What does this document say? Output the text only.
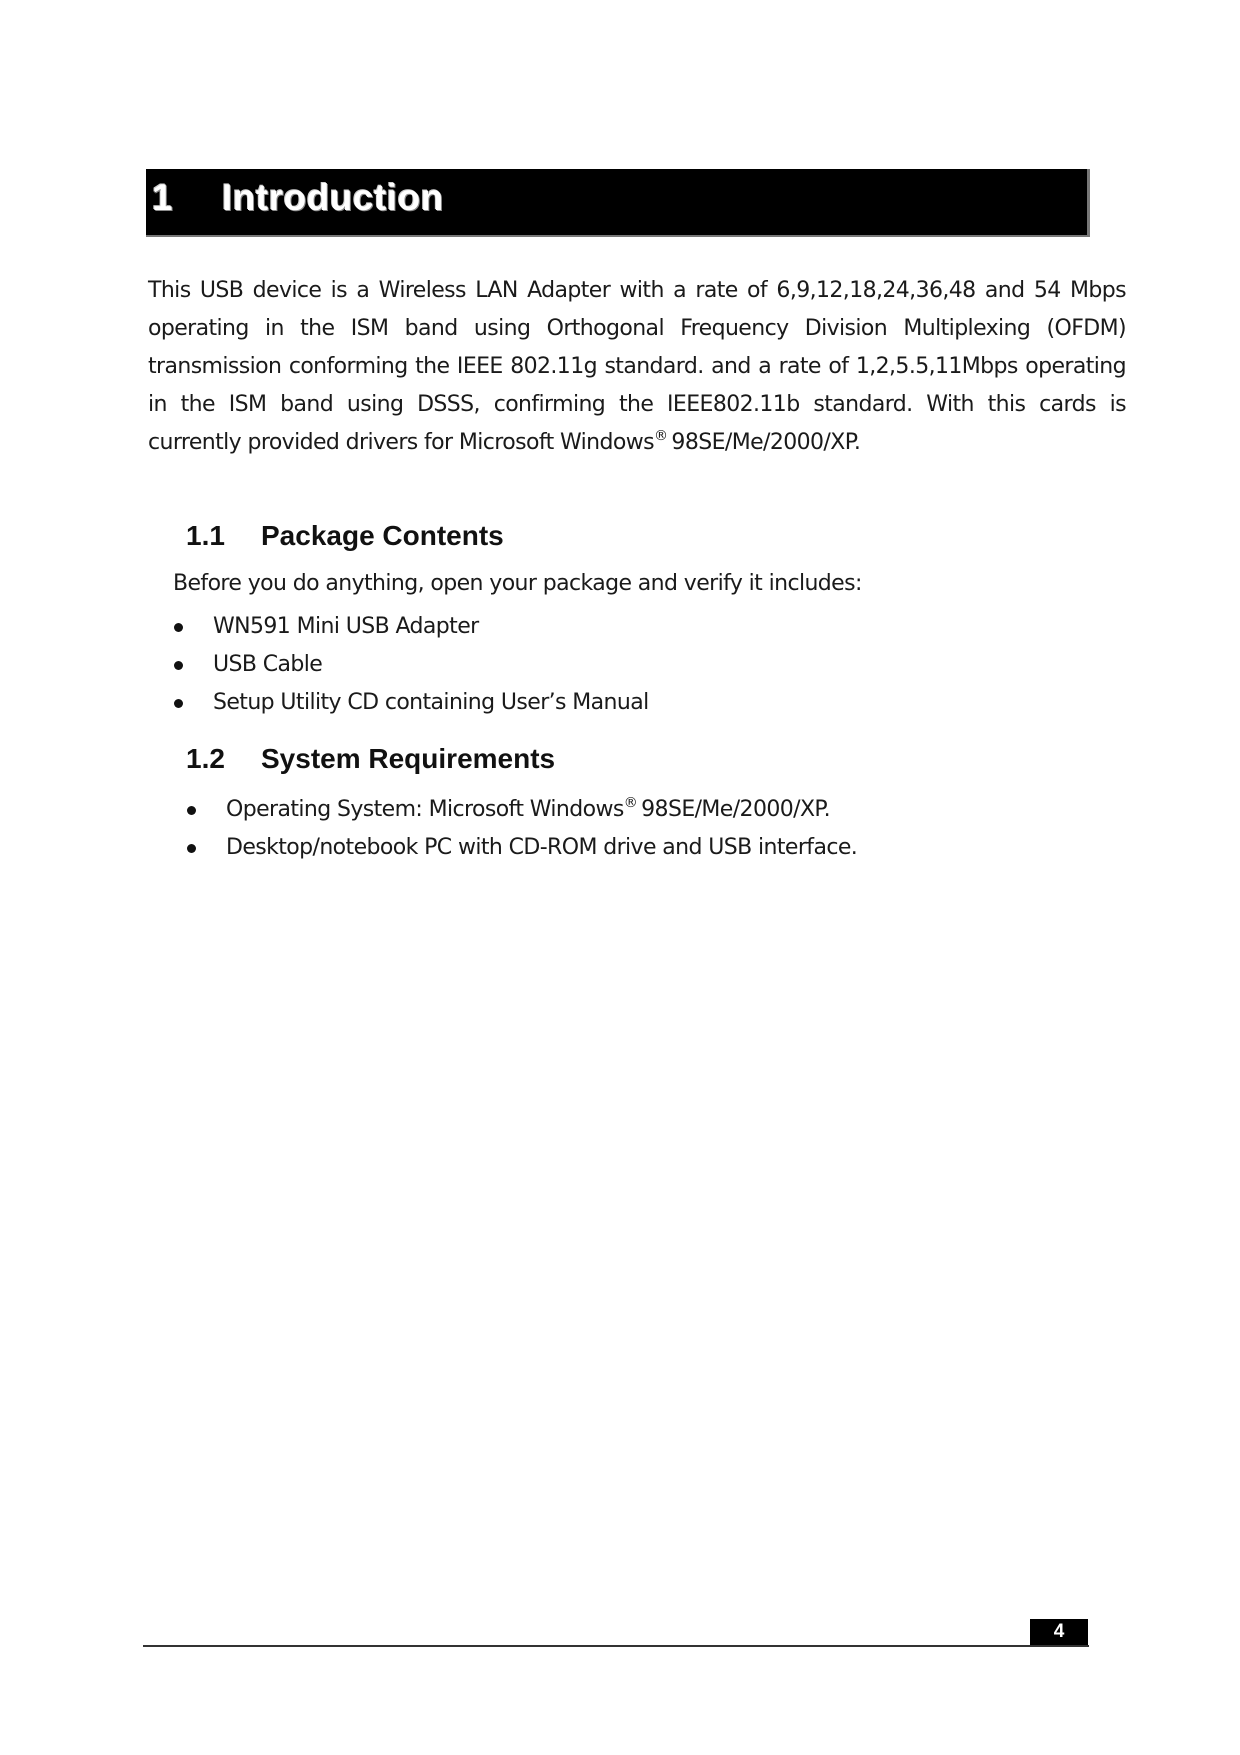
1 Introduction

This USB device is a Wireless LAN Adapter with a rate of 6,9,12,18,24,36,48 and 54 Mbps operating in the ISM band using Orthogonal Frequency Division Multiplexing (OFDM) transmission conforming the IEEE 802.11g standard. and a rate of 1,2,5.5,11Mbps operating in the ISM band using DSSS, confirming the IEEE802.11b standard. With this cards is currently provided drivers for Microsoft Windows® 98SE/Me/2000/XP.

1.1 Package Contents

Before you do anything, open your package and verify it includes:

WN591 Mini USB Adapter
USB Cable
Setup Utility CD containing User’s Manual
1.2 System Requirements
Operating System: Microsoft Windows® 98SE/Me/2000/XP.
Desktop/notebook PC with CD-ROM drive and USB interface.
4
